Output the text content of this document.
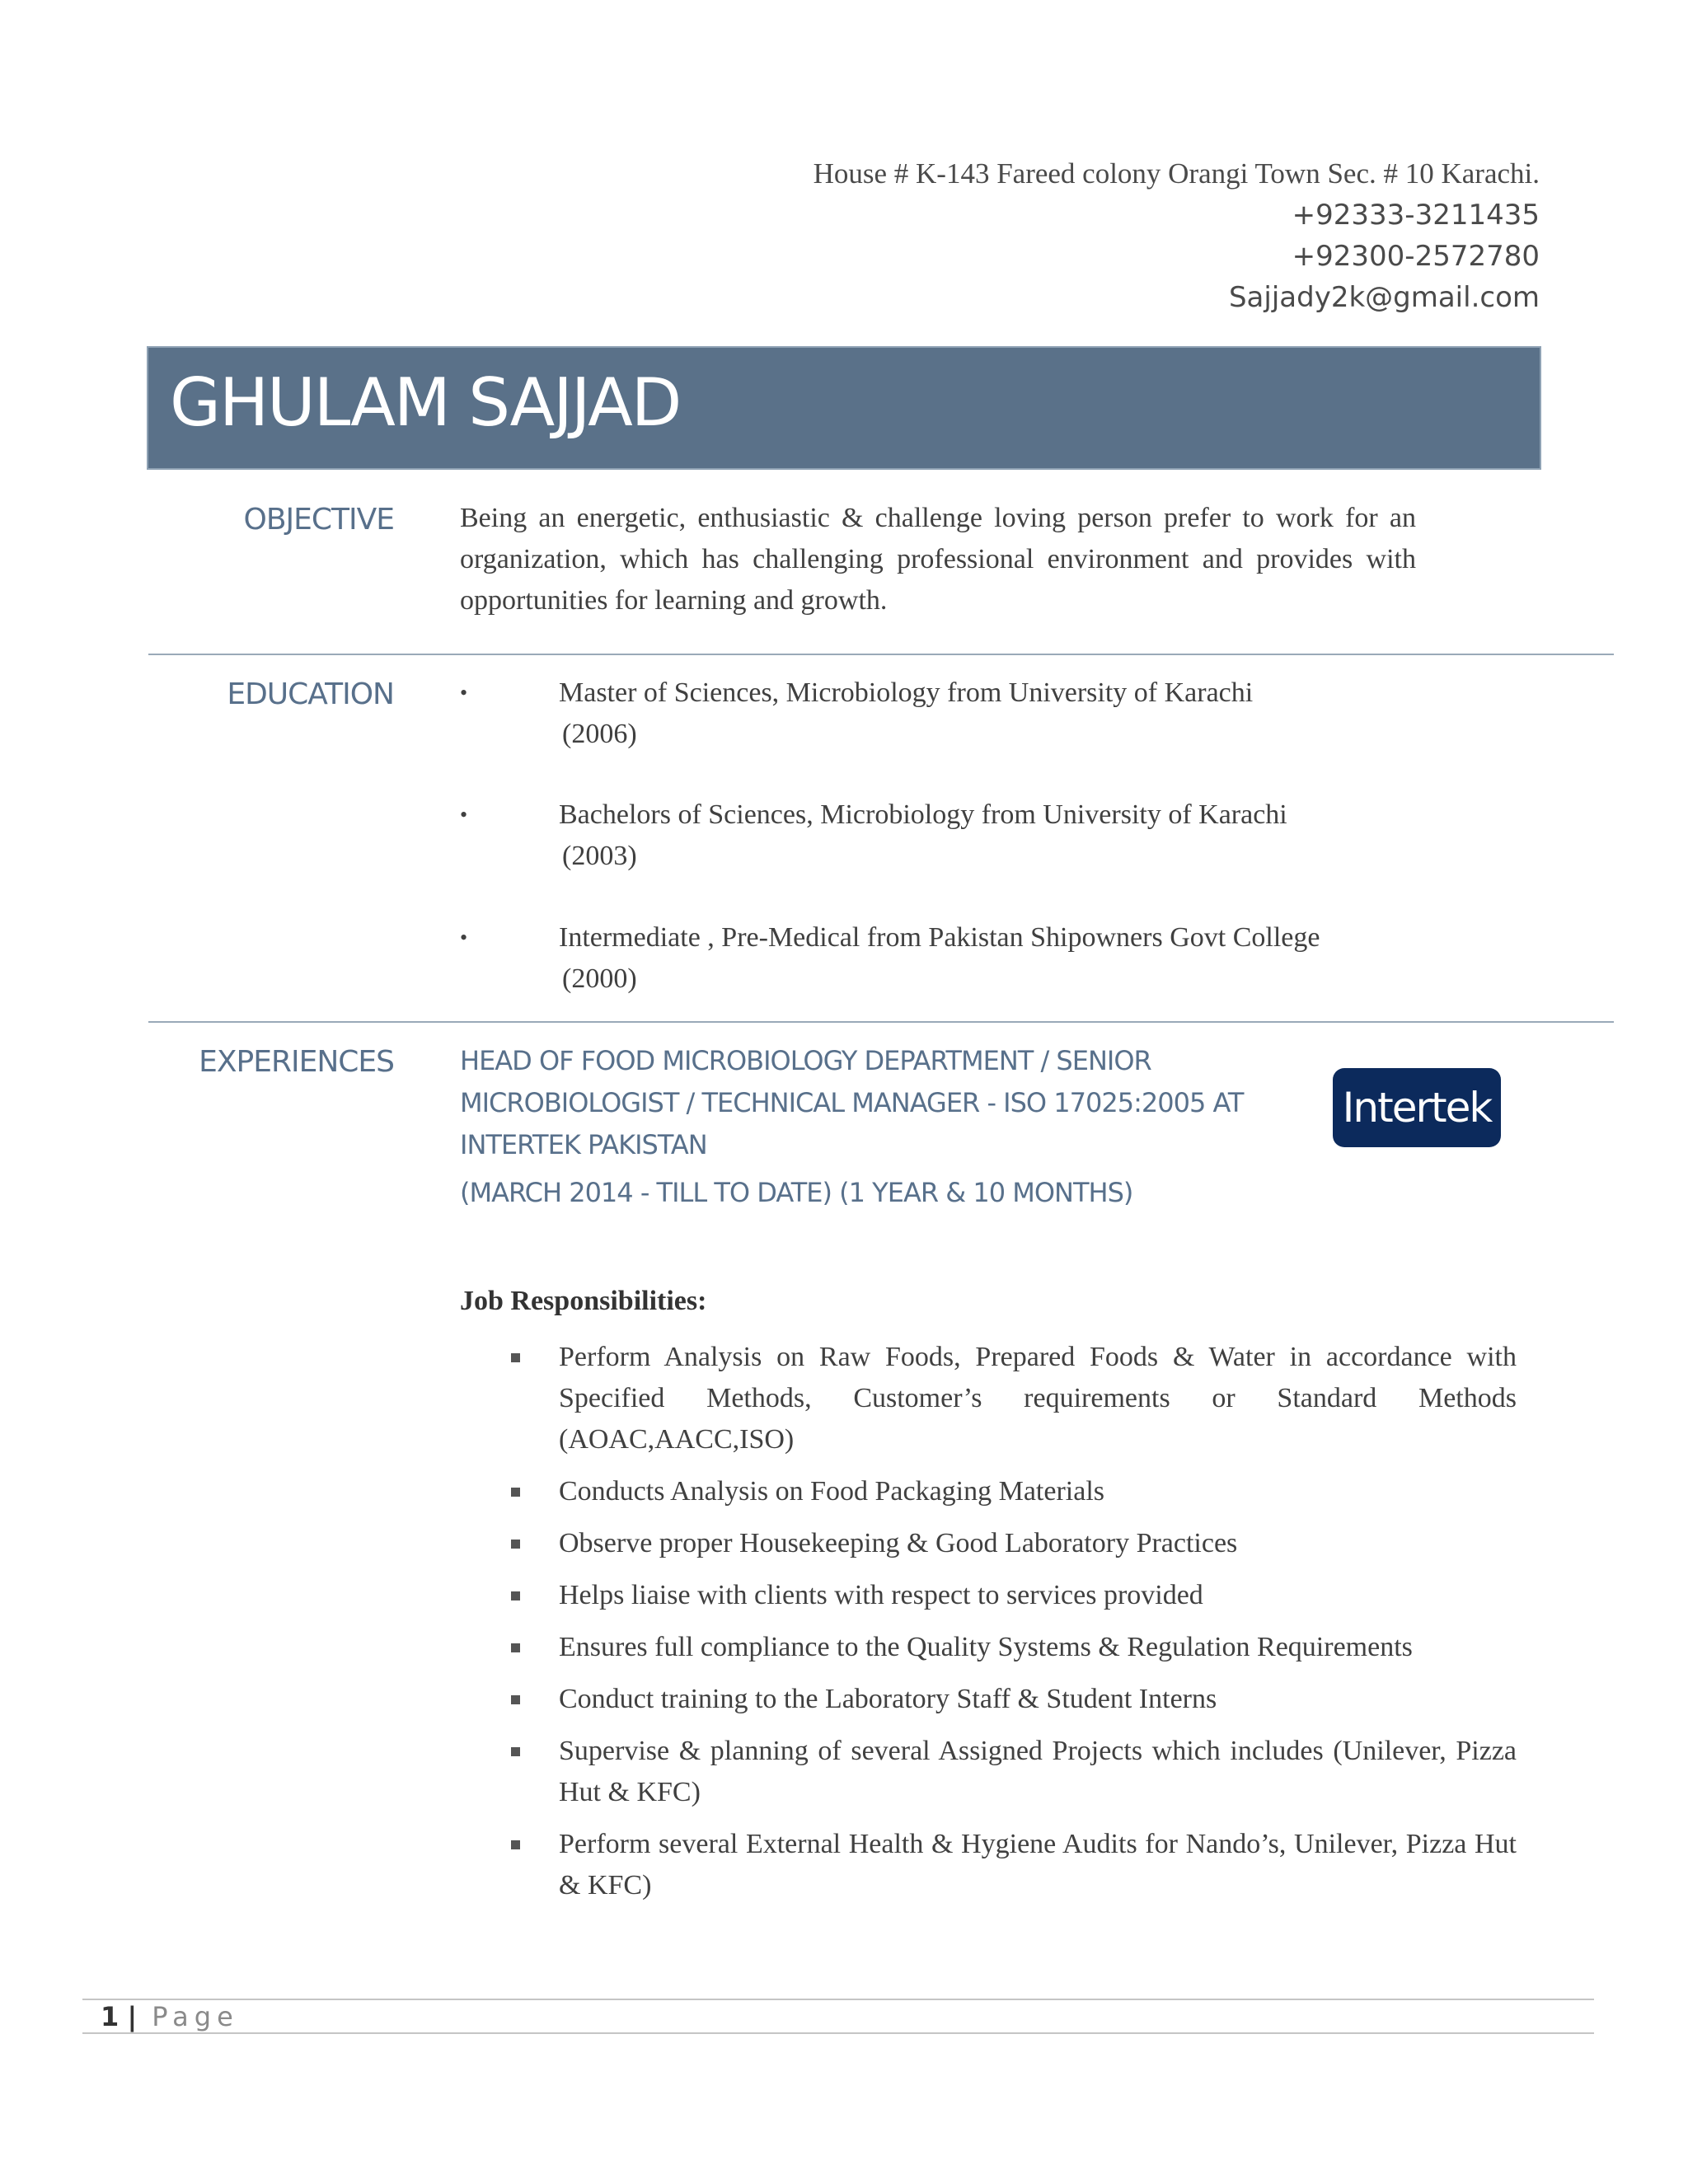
House # K-143 Fareed colony Orangi Town Sec. # 10 Karachi.
+92333-3211435
+92300-2572780
Sajjady2k@gmail.com
GHULAM SAJJAD
OBJECTIVE Being an energetic, enthusiastic & challenge loving person prefer to work for an organization, which has challenging professional environment and provides with opportunities for learning and growth.
EDUCATION	•	Master of Sciences, Microbiology from University of Karachi
(2006)
•	Bachelors of Sciences, Microbiology from University of Karachi
(2003)
•	Intermediate , Pre-Medical from Pakistan Shipowners Govt College
(2000)
EXPERIENCES	HEAD OF FOOD MICROBIOLOGY DEPARTMENT / SENIOR
MICROBIOLOGIST / TECHNICAL MANAGER - ISO 17025:2005 AT
INTERTEK PAKISTAN
(MARCH 2014 - TILL TO DATE) (1 YEAR & 10 MONTHS)
Intertek
Job Responsibilities:
Perform Analysis on Raw Foods, Prepared Foods & Water in accordance with Specified Methods, Customer’s requirements or Standard Methods (AOAC,AACC,ISO)
Conducts Analysis on Food Packaging Materials
Observe proper Housekeeping & Good Laboratory Practices
Helps liaise with clients with respect to services provided
Ensures full compliance to the Quality Systems & Regulation Requirements
Conduct training to the Laboratory Staff & Student Interns
Supervise & planning of several Assigned Projects which includes (Unilever, Pizza Hut & KFC)
Perform several External Health & Hygiene Audits for Nando’s, Unilever, Pizza Hut & KFC)
1 | Page
